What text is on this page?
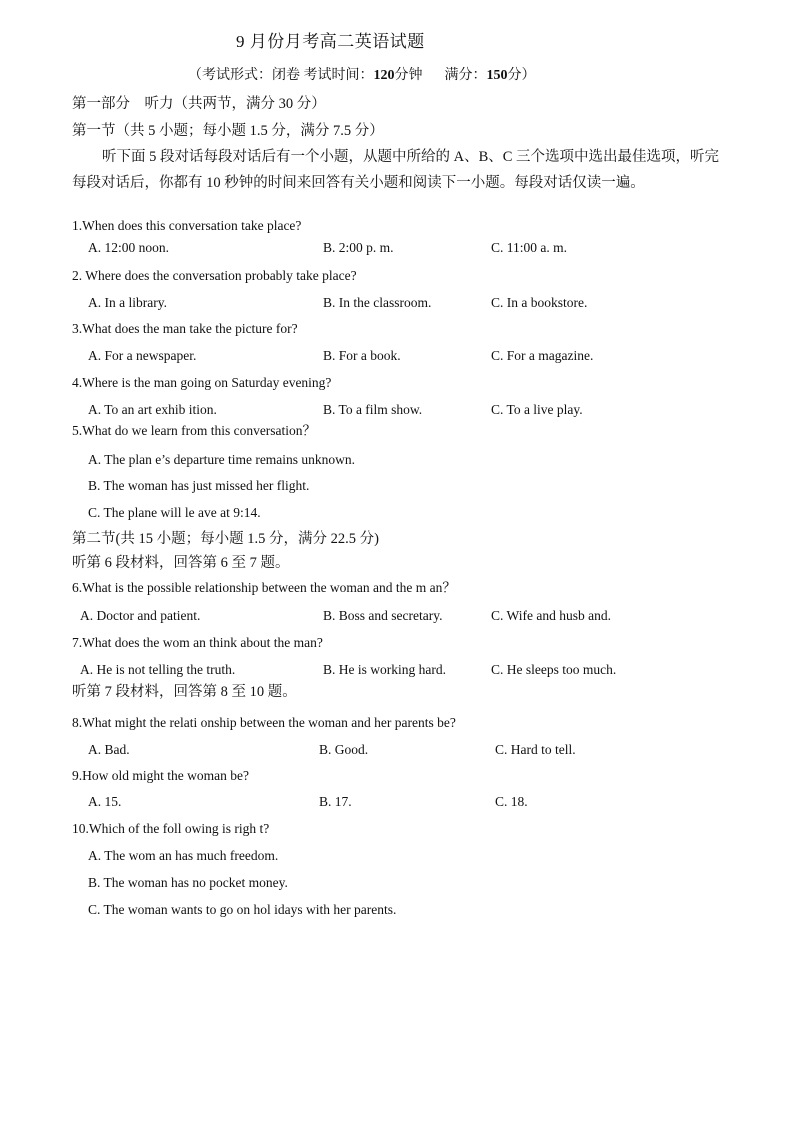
9 月份月考高二英语试题
（考试形式：闭卷 考试时间：120分钟 满分：150分）
第一部分　听力（共两节，满分 30 分）
第一节（共 5 小题；每小题 1.5 分，满分 7.5 分）
听下面 5 段对话每段对话后有一个小题，从题中所给的 A、B、C 三个选项中选出最佳选项，听完每段对话后，你都有 10 秒钟的时间来回答有关小题和阅读下一小题。每段对话仅读一遍。
1.When does this conversation take place?
A. 12:00 noon.	B. 2:00 p. m.	C. 11:00 a. m.
2. Where does the conversation probably take place?
A. In a library.	B. In the classroom.	C. In a bookstore.
3.What does the man take the picture for?
A. For a newspaper.	B. For a book.	C. For a magazine.
4.Where is the man going on Saturday evening?
A. To an art exhib ition.	B. To a film show.	C. To a live play.
5.What do we learn from this conversation？
A. The plan e’s departure time remains unknown.
B. The woman has just missed her flight.
C. The plane will le ave at 9:14.
第二节(共 15 小题；每小题 1.5 分，满分 22.5 分)
听第 6 段材料，回答第 6 至 7 题。
6.What is the possible relationship between the woman and the m an？
A. Doctor and patient.	B. Boss and secretary.	C. Wife and husb and.
7.What does the wom an think about the man?
A. He is not telling the truth.	B. He is working hard.	C. He sleeps too much.
听第 7 段材料，回答第 8 至 10 题。
8.What might the relati onship between the woman and her parents be?
A. Bad.	B. Good.	C. Hard to tell.
9.How old might the woman be?
A. 15.	B. 17.	C. 18.
10.Which of the foll owing is righ t?
A. The wom an has much freedom.
B. The woman has no pocket money.
C. The woman wants to go on hol idays with her parents.
